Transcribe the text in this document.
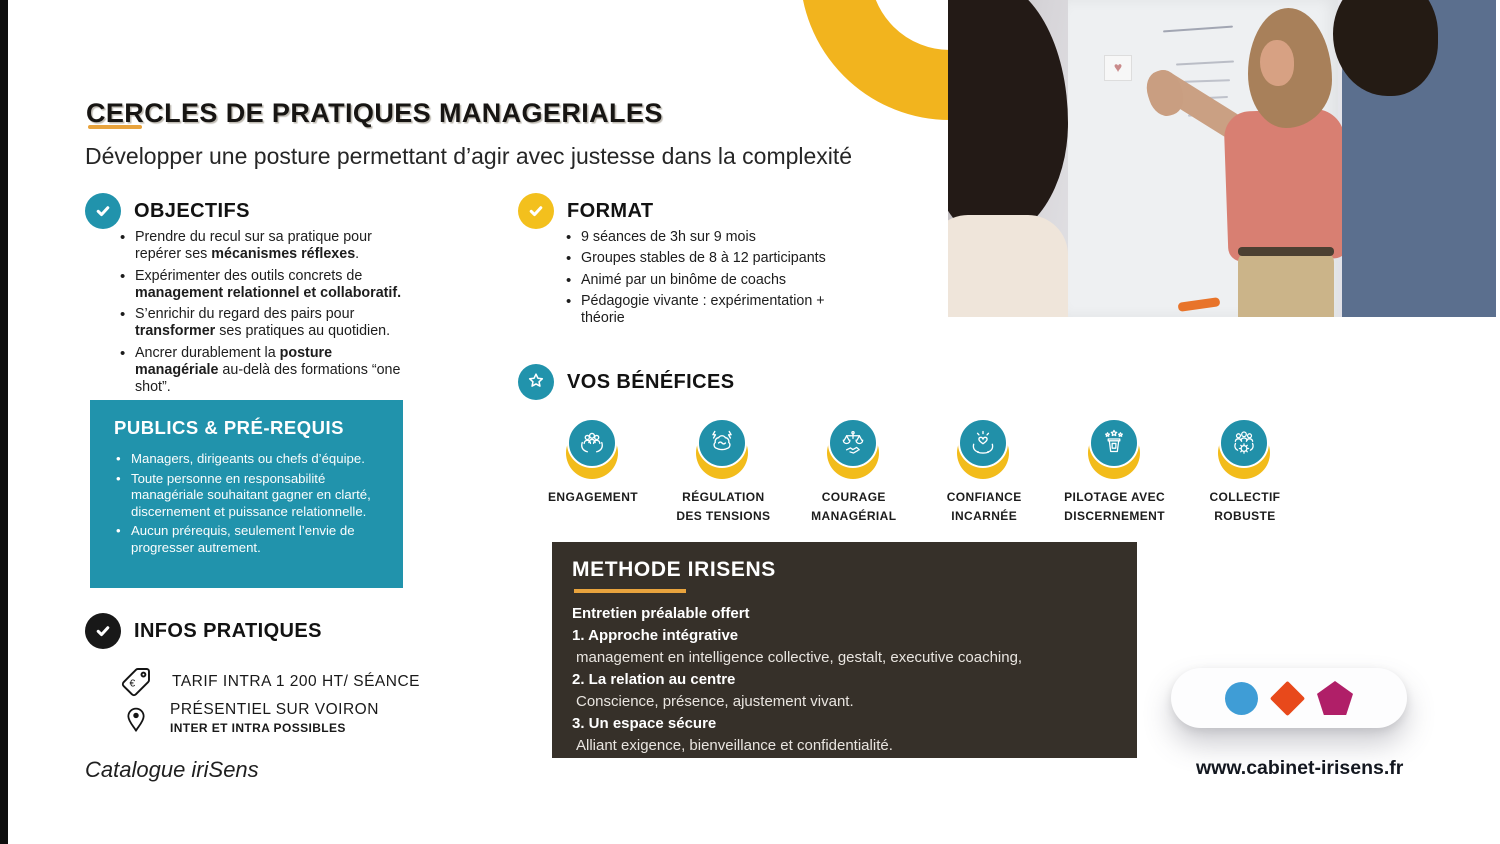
CERCLES DE PRATIQUES MANAGERIALES
Développer une posture permettant d’agir avec justesse dans la complexité
OBJECTIFS
• Prendre du recul sur sa pratique pour repérer ses mécanismes réflexes.
• Expérimenter des outils concrets de management relationnel et collaboratif.
• S’enrichir du regard des pairs pour transformer ses pratiques au quotidien.
• Ancrer durablement la posture managériale au-delà des formations “one shot”.
FORMAT
• 9 séances de 3h sur 9 mois
• Groupes stables de 8 à 12 participants
• Animé par un binôme de coachs
• Pédagogie vivante : expérimentation + théorie
PUBLICS & PRÉ-REQUIS
• Managers, dirigeants ou chefs d’équipe.
• Toute personne en responsabilité managériale souhaitant gagner en clarté, discernement et puissance relationnelle.
• Aucun prérequis, seulement l’envie de progresser autrement.
VOS BÉNÉFICES
ENGAGEMENT	RÉGULATION
DES TENSIONS
COURAGE
MANAGÉRIAL
CONFIANCE
INCARNÉE
PILOTAGE AVEC
DISCERNEMENT
COLLECTIF
ROBUSTE
METHODE IRISENS

Entretien préalable offert

1. Approche intégrative

management en intelligence collective, gestalt, executive coaching,

2. La relation au centre

Conscience, présence, ajustement vivant.

3. Un espace sécure

Alliant exigence, bienveillance et confidentialité.

INFOS PRATIQUES
€ TARIF INTRA 1 200 HT/ SÉANCE
PRÉSENTIEL SUR VOIRON
INTER ET INTRA POSSIBLES
Catalogue iriSens	www.cabinet-irisens.fr
♥
